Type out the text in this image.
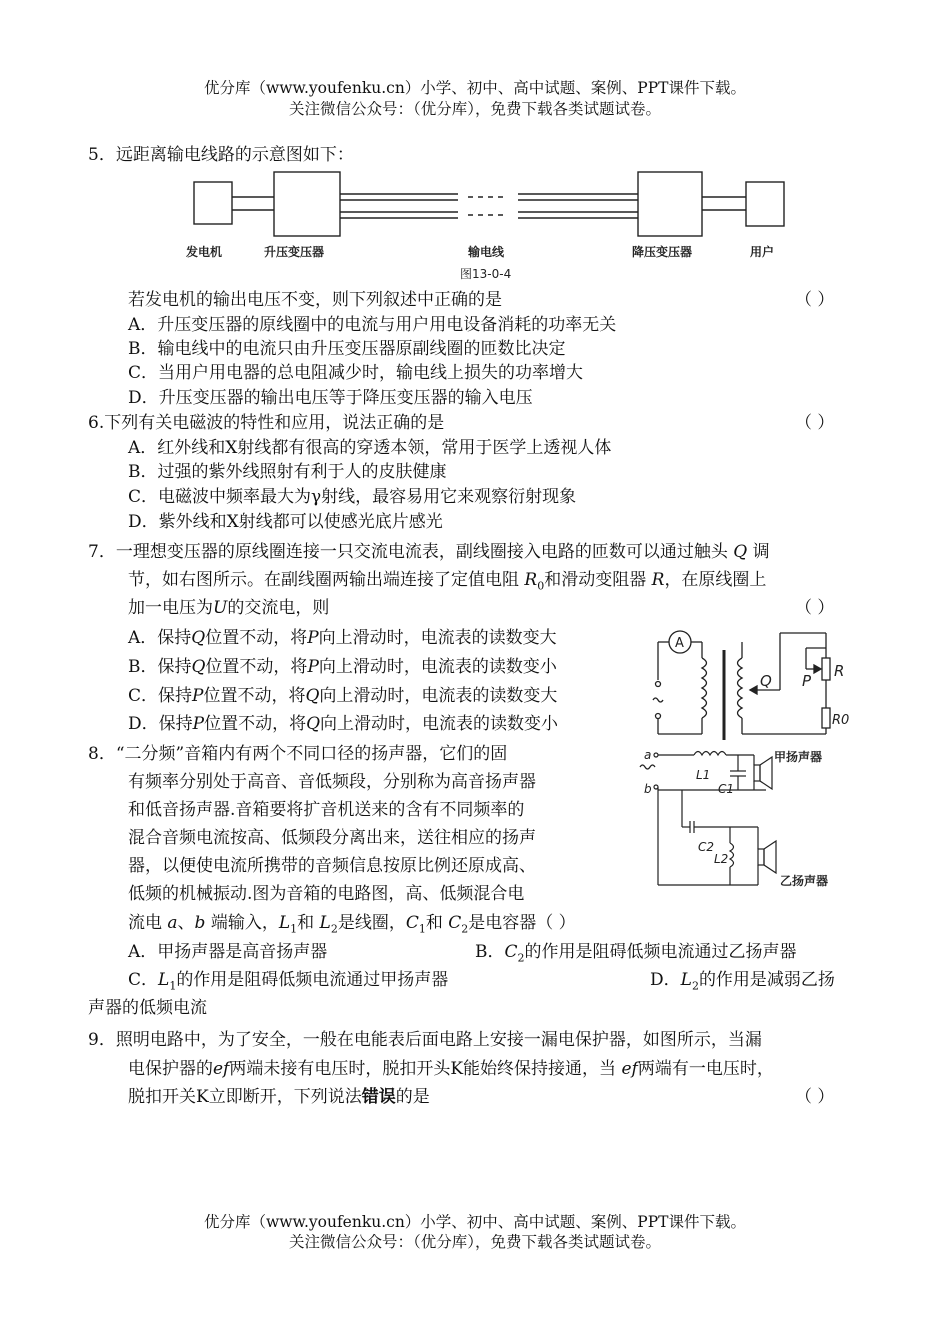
优分库（www.youfenku.cn）小学、初中、高中试题、案例、PPT课件下载。
关注微信公众号：（优分库），免费下载各类试题试卷。
5．远距离输电线路的示意图如下：
发电机	升压变压器	输电线	降压变压器	用户
图13-0-4
若发电机的输出电压不变，则下列叙述中正确的是	（ ）
A．升压变压器的原线圈中的电流与用户用电设备消耗的功率无关
B．输电线中的电流只由升压变压器原副线圈的匝数比决定
C．当用户用电器的总电阻减少时，输电线上损失的功率增大
D．升压变压器的输出电压等于降压变压器的输入电压
6.下列有关电磁波的特性和应用，说法正确的是	（ ）
A．红外线和X射线都有很高的穿透本领，常用于医学上透视人体
B．过强的紫外线照射有利于人的皮肤健康
C．电磁波中频率最大为γ射线，最容易用它来观察衍射现象
D．紫外线和X射线都可以使感光底片感光
7．一理想变压器的原线圈连接一只交流电流表，副线圈接入电路的匝数可以通过触头 Q 调
节，如右图所示。在副线圈两输出端连接了定值电阻 $R_0$和滑动变阻器 R，在原线圈上
加一电压为U的交流电，则	（ ）
A．保持Q位置不动，将P向上滑动时，电流表的读数变大
B．保持Q位置不动，将P向上滑动时，电流表的读数变小
C．保持P位置不动，将Q向上滑动时，电流表的读数变大
D．保持P位置不动，将Q向上滑动时，电流表的读数变小
A
Q P
R
R0
8．“二分频”音箱内有两个不同口径的扬声器，它们的固
有频率分别处于高音、音低频段，分别称为高音扬声器
和低音扬声器.音箱要将扩音机送来的含有不同频率的
混合音频电流按高、低频段分离出来，送往相应的扬声
器，以便使电流所携带的音频信息按原比例还原成高、
低频的机械振动.图为音箱的电路图，高、低频混合电
流电 a、b 端输入，$L_1$和 $L_2$是线圈，$C_1$和 $C_2$是电容器（ ）
A．甲扬声器是高音扬声器	B．$C_2$的作用是阻碍低频电流通过乙扬声器
C．$L_1$的作用是阻碍低频电流通过甲扬声器	D．$L_2$的作用是减弱乙扬
声器的低频电流
a
b
L1
C1
C2
L2
甲扬声器
乙扬声器
9．照明电路中，为了安全，一般在电能表后面电路上安接一漏电保护器，如图所示，当漏
电保护器的ef两端未接有电压时，脱扣开头K能始终保持接通，当 ef两端有一电压时，
脱扣开关K立即断开，下列说法错误的是	（ ）
优分库（www.youfenku.cn）小学、初中、高中试题、案例、PPT课件下载。
关注微信公众号：（优分库），免费下载各类试题试卷。
